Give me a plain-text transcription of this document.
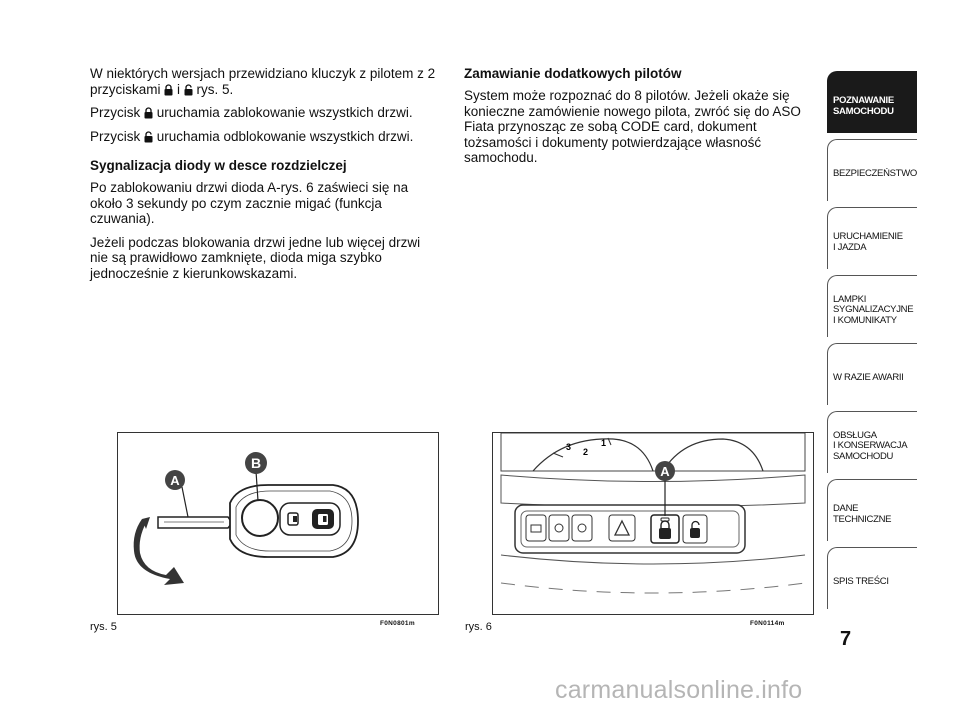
W niektórych wersjach przewidziano kluczyk z pilotem z 2 przyciskami  i  rys. 5.

Przycisk  uruchamia zablokowanie wszystkich drzwi.

Przycisk  uruchamia odblokowanie wszystkich drzwi.

Sygnalizacja diody w desce rozdzielczej

Po zablokowaniu drzwi dioda A-rys. 6 zaświeci się na około 3 sekundy po czym zacznie migać (funkcja czuwania).

Jeżeli podczas blokowania drzwi jedne lub więcej drzwi nie są prawidłowo zamknięte, dioda miga szybko jednocześnie z kierunkowskazami.

Zamawianie dodatkowych pilotów

System może rozpoznać do 8 pilotów. Jeżeli okaże się konieczne zamówienie nowego pilota, zwróć się do ASO Fiata przynosząc ze sobą CODE card, dokument tożsamości i dokumenty potwierdzające własność samochodu.

A
B
rys. 5	F0N0801m
3 2
1
A
rys. 6	F0N0114m
POZNAWANIE
SAMOCHODU
BEZPIECZEŃSTWO
URUCHAMIENIE
I JAZDA
LAMPKI
SYGNALIZACYJNE
I KOMUNIKATY
W RAZIE AWARII
OBSŁUGA
I KONSERWACJA
SAMOCHODU
DANE TECHNICZNE
SPIS TREŚCI
7
carmanualsonline.info
